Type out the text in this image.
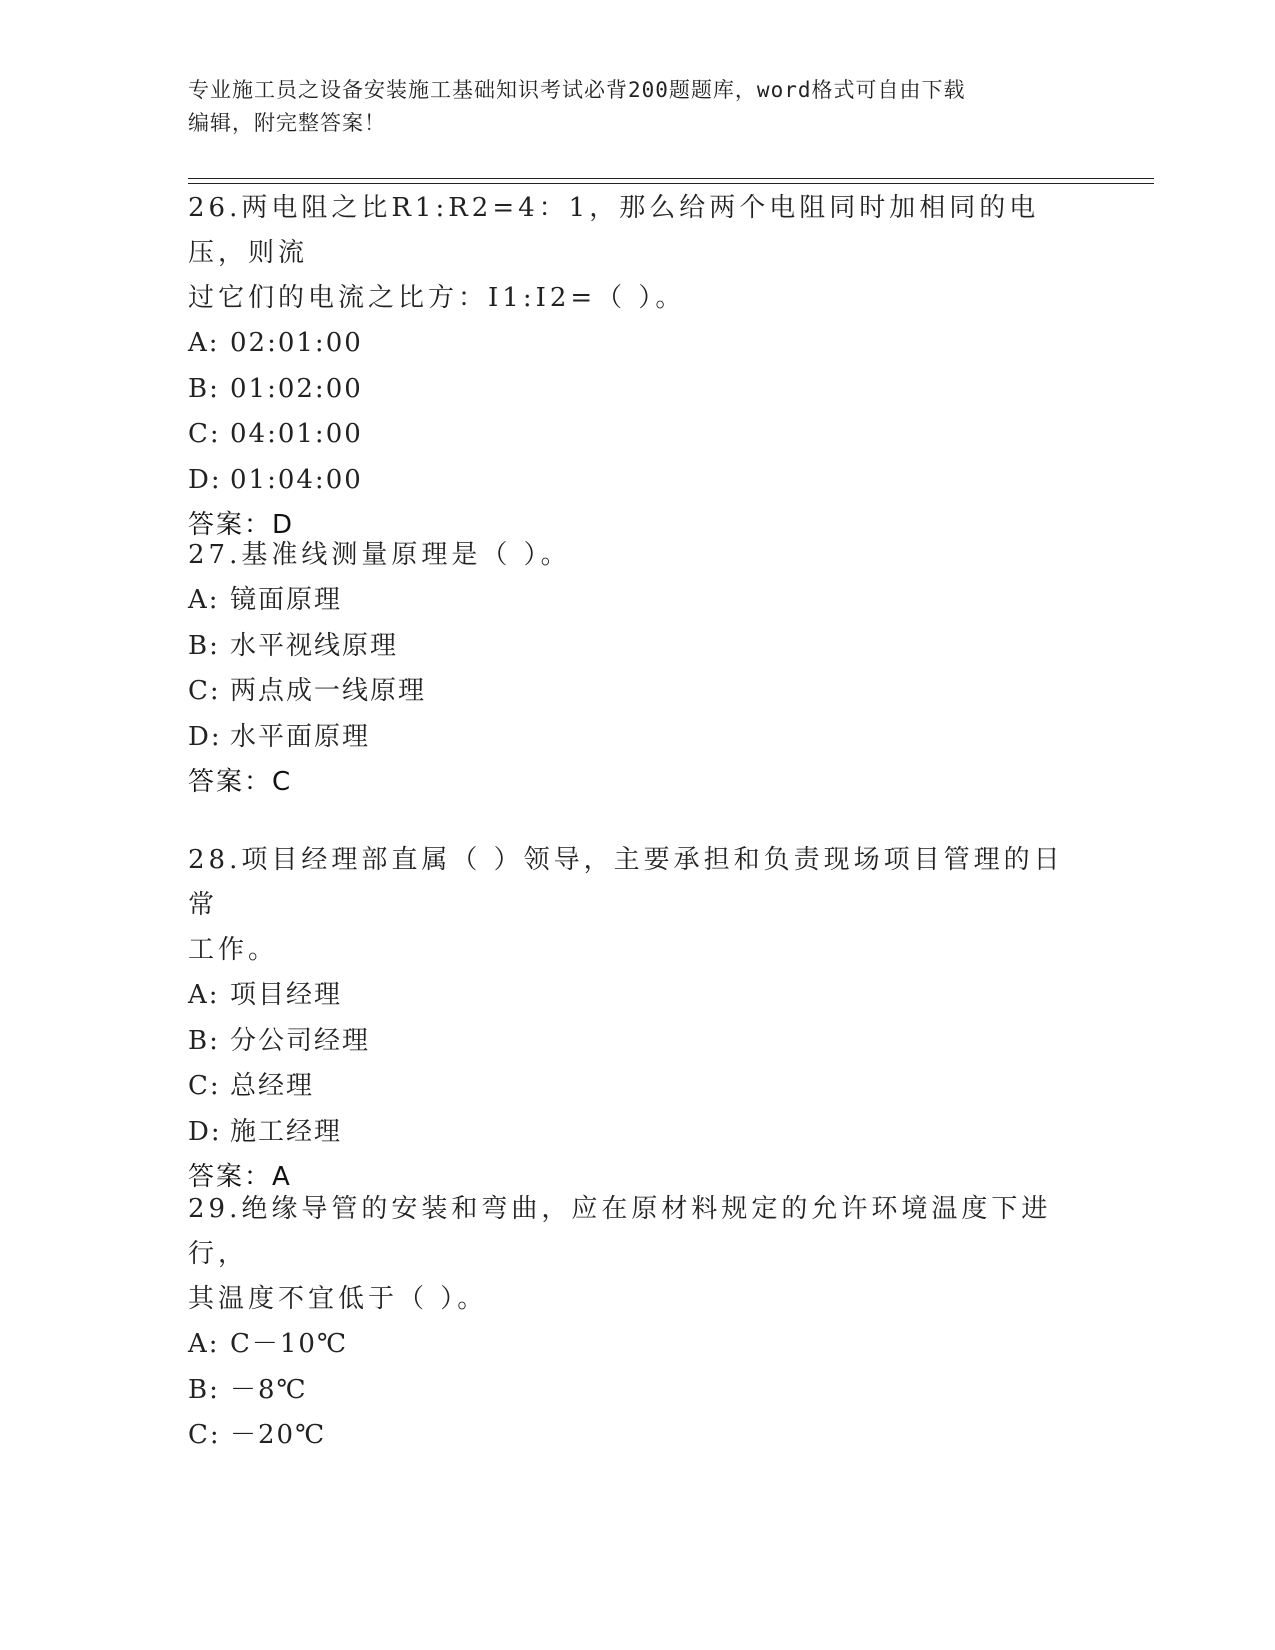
专业施工员之设备安装施工基础知识考试必背200题题库，word格式可自由下载
编辑，附完整答案！

26.两电阻之比R1:R2=4：1，那么给两个电阻同时加相同的电压，则流

过它们的电流之比方：I1:I2=（ ）。

A: 02:01:00

B: 01:02:00

C: 04:01:00

D: 01:04:00

答案：D

27.基准线测量原理是（ ）。

A: 镜面原理

B: 水平视线原理

C: 两点成一线原理

D: 水平面原理

答案：C

28.项目经理部直属（ ）领导，主要承担和负责现场项目管理的日常

工作。

A: 项目经理

B: 分公司经理

C: 总经理

D: 施工经理

答案：A

29.绝缘导管的安装和弯曲，应在原材料规定的允许环境温度下进行，

其温度不宜低于（ ）。

A: C－10℃

B: －8℃

C: －20℃
